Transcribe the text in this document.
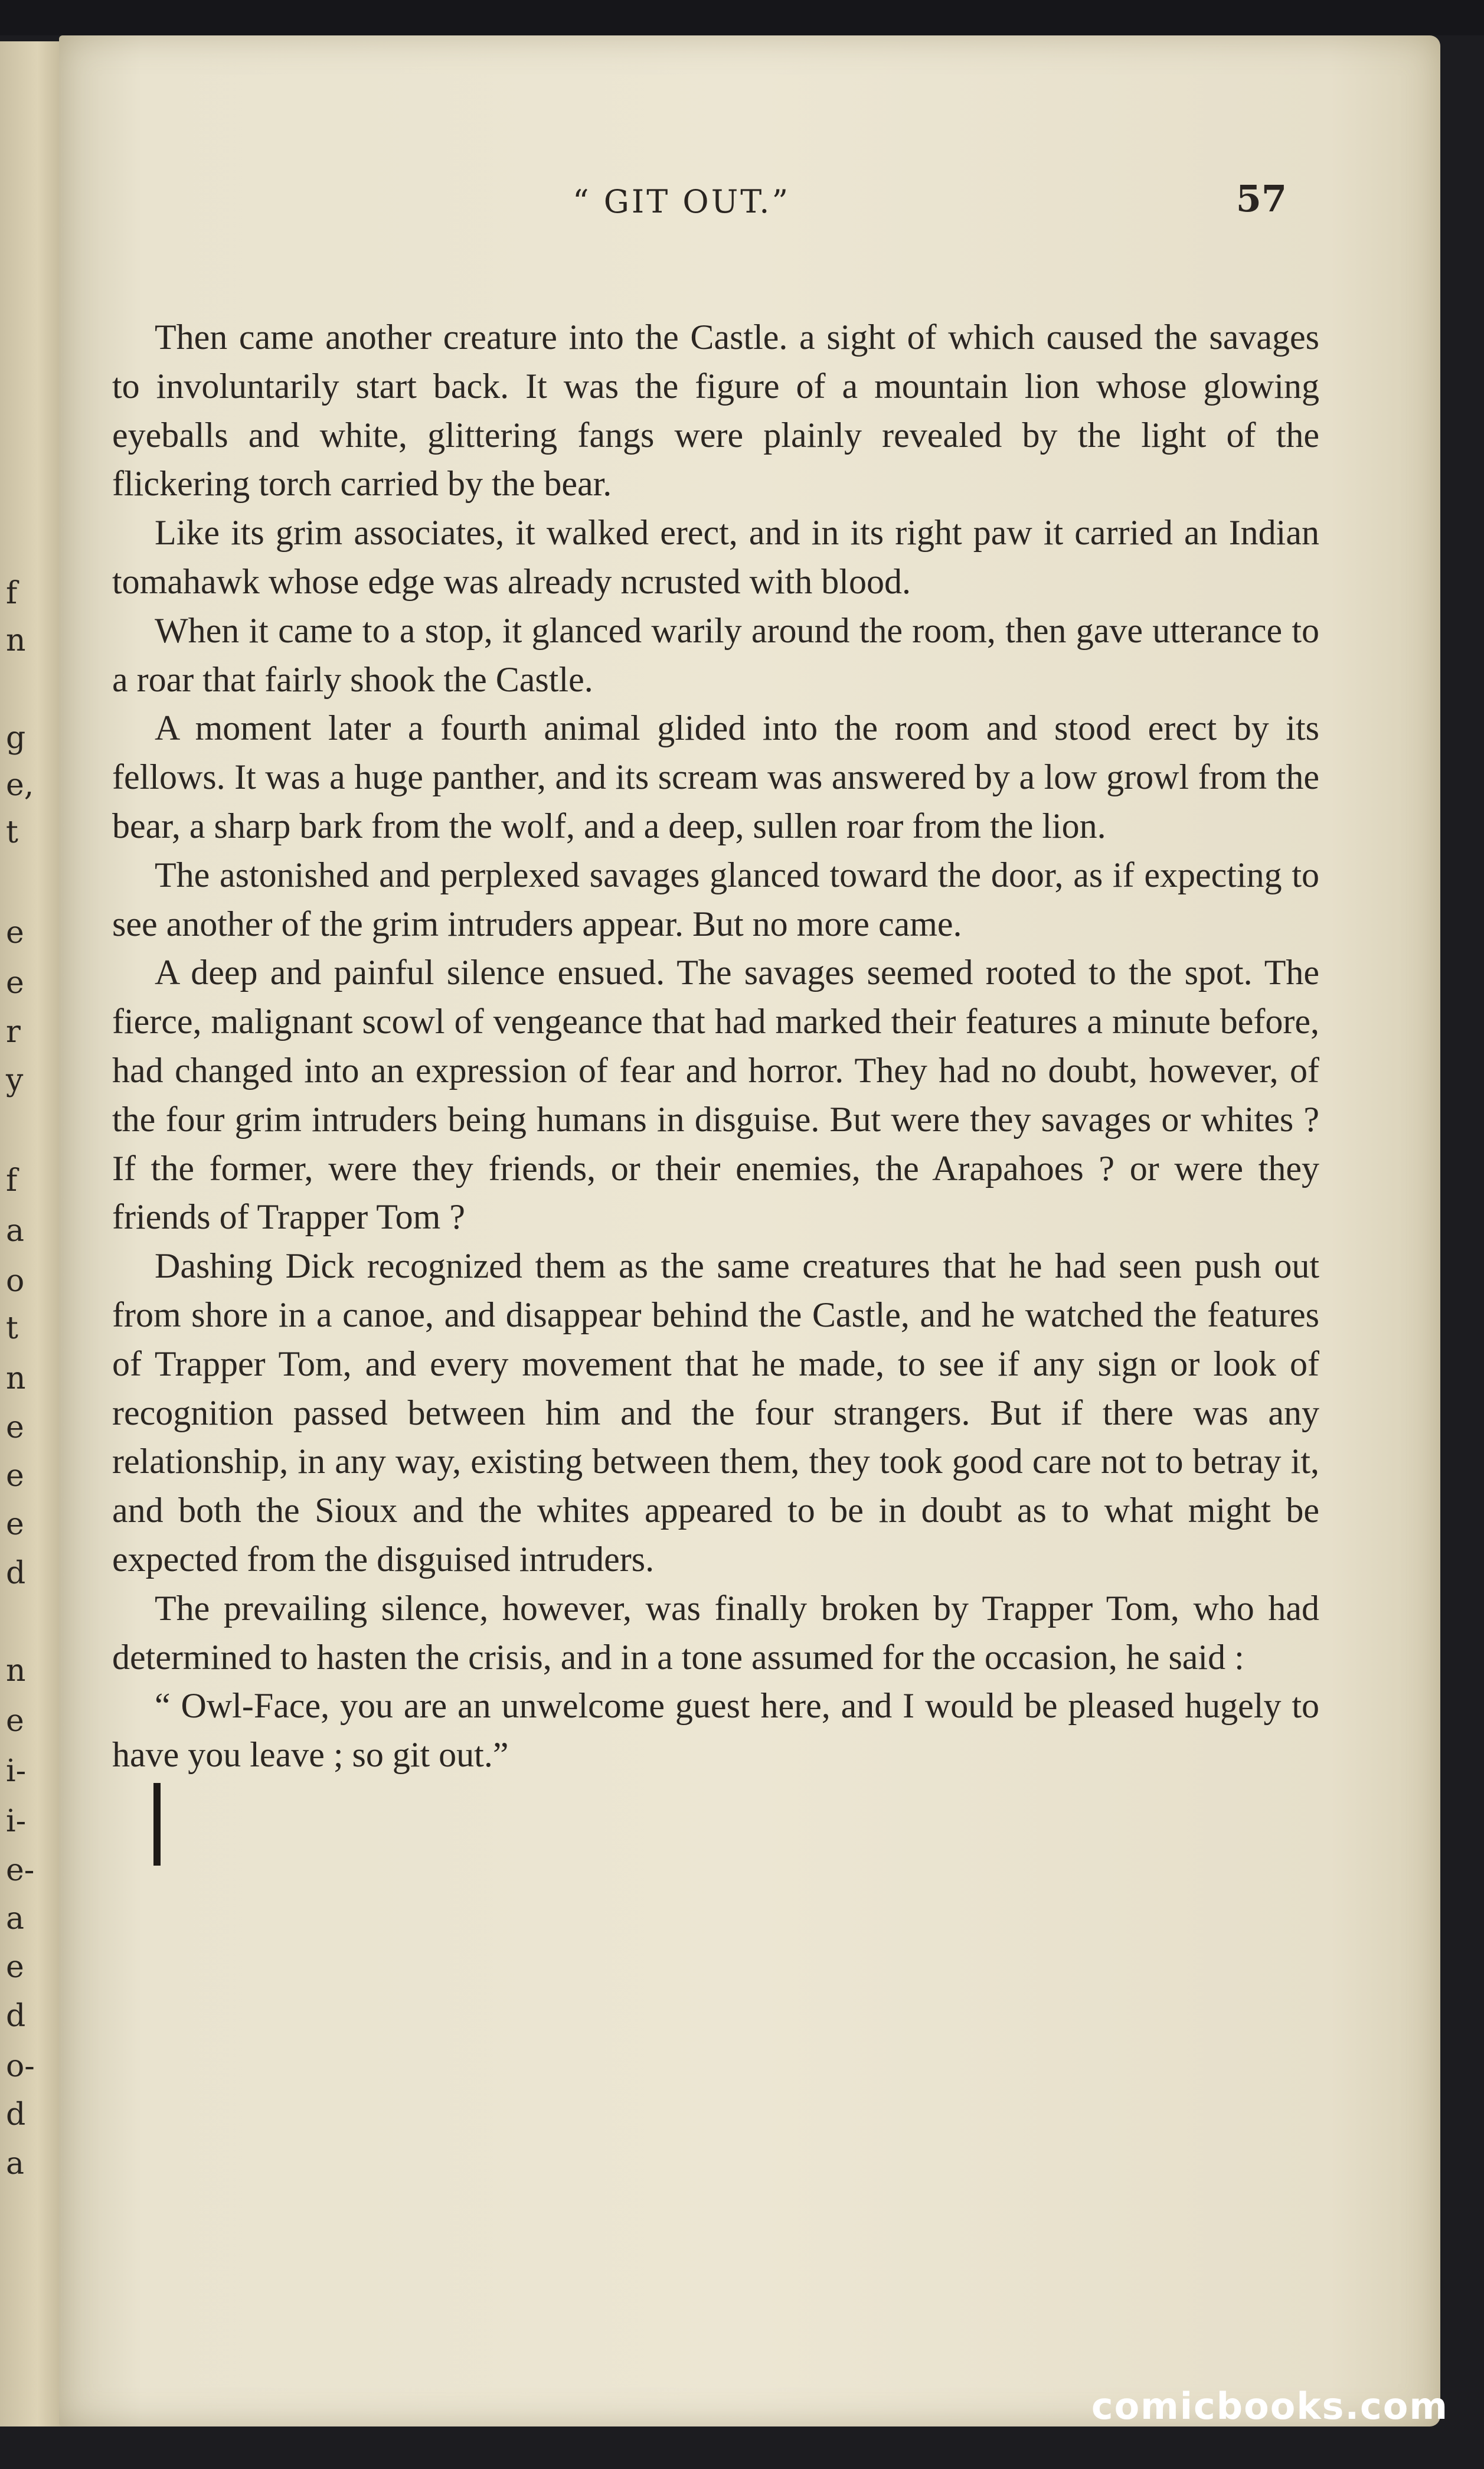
f
n
g
e,
t
e
e
r
y
f
a
o
t
n
e
e
e
d
n
e
i-
i-
e-
a
e
d
o-
d
a
“ GIT OUT.”	57

Then came another creature into the Castle. a sight of which caused the savages to involuntarily start back. It was the figure of a mountain lion whose glowing eyeballs and white, glittering fangs were plainly revealed by the light of the flickering torch carried by the bear.

Like its grim associates, it walked erect, and in its right paw it carried an Indian tomahawk whose edge was already ncrusted with blood.

When it came to a stop, it glanced warily around the room, then gave utterance to a roar that fairly shook the Castle.

A moment later a fourth animal glided into the room and stood erect by its fellows. It was a huge panther, and its scream was answered by a low growl from the bear, a sharp bark from the wolf, and a deep, sullen roar from the lion.

The astonished and perplexed savages glanced toward the door, as if expecting to see another of the grim intruders appear. But no more came.

A deep and painful silence ensued. The savages seemed rooted to the spot. The fierce, malignant scowl of vengeance that had marked their features a minute before, had changed into an expression of fear and horror. They had no doubt, however, of the four grim intruders being humans in disguise. But were they savages or whites ? If the former, were they friends, or their enemies, the Arapahoes ? or were they friends of Trapper Tom ?

Dashing Dick recognized them as the same creatures that he had seen push out from shore in a canoe, and disappear behind the Castle, and he watched the features of Trapper Tom, and every movement that he made, to see if any sign or look of recognition passed between him and the four strangers. But if there was any relationship, in any way, existing between them, they took good care not to betray it, and both the Sioux and the whites appeared to be in doubt as to what might be expected from the disguised intruders.

The prevailing silence, however, was finally broken by Trapper Tom, who had determined to hasten the crisis, and in a tone assumed for the occasion, he said :

“ Owl-Face, you are an unwelcome guest here, and I would be pleased hugely to have you leave ; so git out.”

comicbooks.com
